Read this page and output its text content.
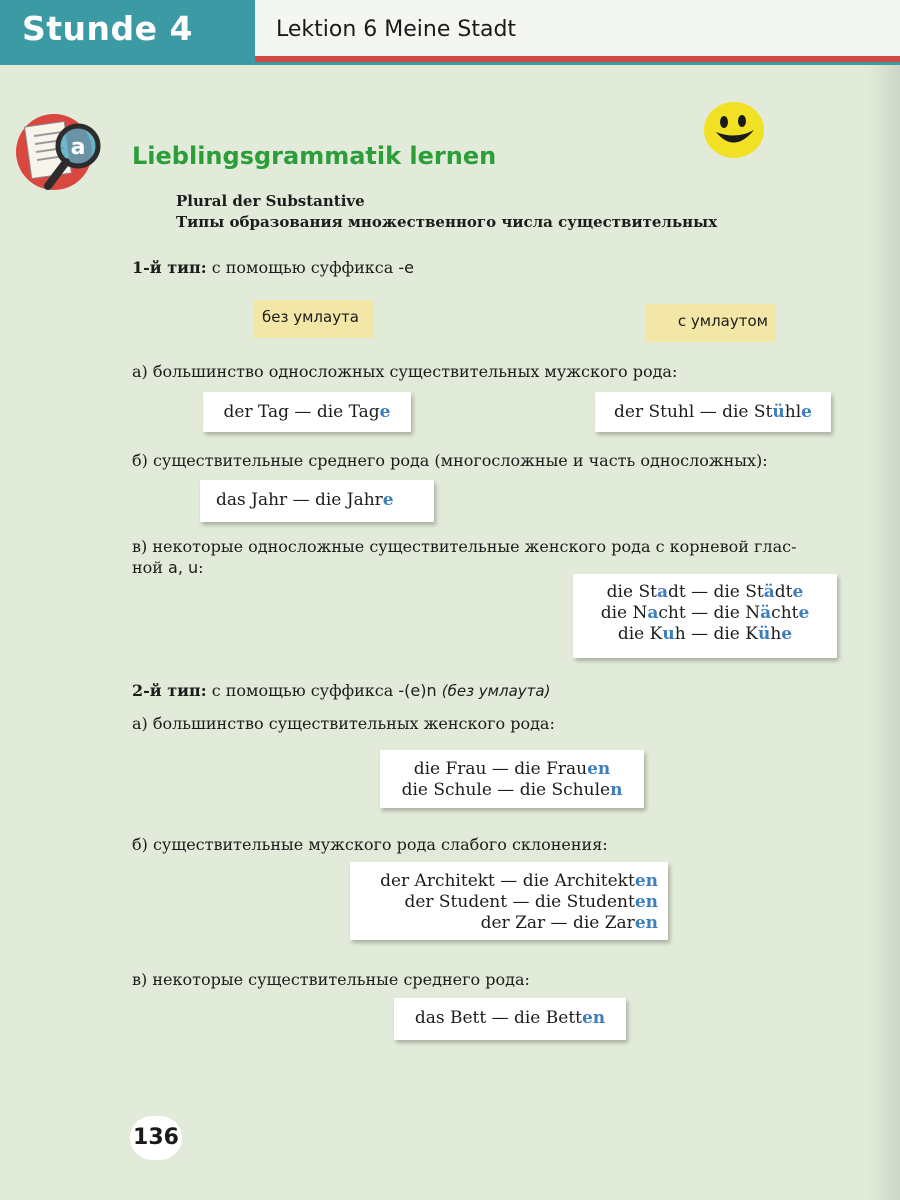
Stunde 4	Lektion 6 Meine Stadt
a Lieblingsgrammatik lernen
Plural der Substantive
Типы образования множественного числа существительных
1-й тип: с помощью суффикса -e
без умлаута	с умлаутом
а) большинство односложных существительных мужского рода:
der Tag — die Tage	der Stuhl — die Stühle
б) существительные среднего рода (многосложные и часть односложных):
das Jahr — die Jahre
в) некоторые односложные существительные женского рода с корневой глас-
ной a, u:
die Stadt — die Städte
die Nacht — die Nächte
die Kuh — die Kühe
2-й тип: с помощью суффикса -(e)n (без умлаута)
а) большинство существительных женского рода:
die Frau — die Frauen
die Schule — die Schulen
б) существительные мужского рода слабого склонения:
der Architekt — die Architekten
der Student — die Studenten
der Zar — die Zaren
в) некоторые существительные среднего рода:
das Bett — die Betten
136
